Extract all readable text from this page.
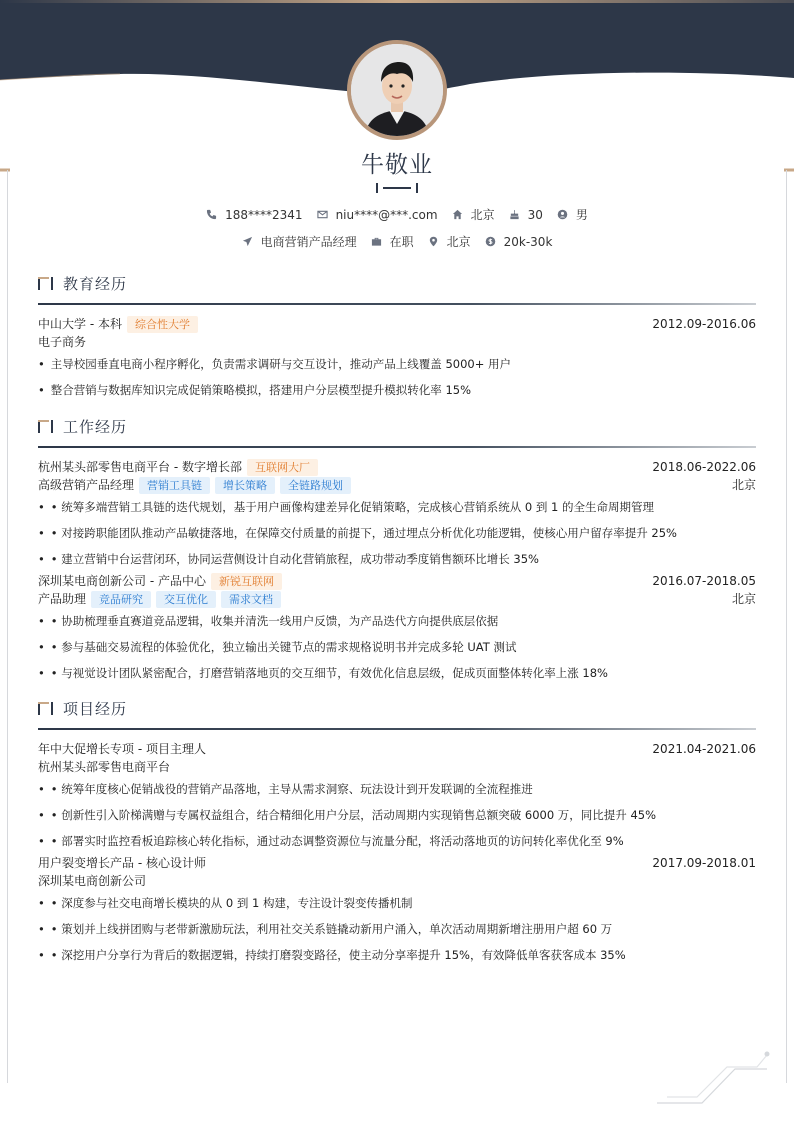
牛敬业
188****2341	niu****@***.com	北京	30	男
电商营销产品经理	在职	北京	20k-30k
教育经历
中山大学 - 本科	综合性大学	2012.09-2016.06
电子商务
• 主导校园垂直电商小程序孵化，负责需求调研与交互设计，推动产品上线覆盖 5000+ 用户
• 整合营销与数据库知识完成促销策略模拟，搭建用户分层模型提升模拟转化率 15%
工作经历
杭州某头部零售电商平台 - 数字增长部	互联网大厂	2018.06-2022.06
高级营销产品经理	营销工具链	增长策略	全链路规划	北京
• • 统筹多端营销工具链的迭代规划，基于用户画像构建差异化促销策略，完成核心营销系统从 0 到 1 的全生命周期管理
• • 对接跨职能团队推动产品敏捷落地，在保障交付质量的前提下，通过埋点分析优化功能逻辑，使核心用户留存率提升 25%
• • 建立营销中台运营闭环，协同运营侧设计自动化营销旅程，成功带动季度销售额环比增长 35%
深圳某电商创新公司 - 产品中心	新锐互联网	2016.07-2018.05
产品助理	竞品研究	交互优化	需求文档	北京
• • 协助梳理垂直赛道竞品逻辑，收集并清洗一线用户反馈，为产品迭代方向提供底层依据
• • 参与基础交易流程的体验优化，独立输出关键节点的需求规格说明书并完成多轮 UAT 测试
• • 与视觉设计团队紧密配合，打磨营销落地页的交互细节，有效优化信息层级，促成页面整体转化率上涨 18%
项目经历
年中大促增长专项 - 项目主理人	2021.04-2021.06
杭州某头部零售电商平台
• • 统筹年度核心促销战役的营销产品落地，主导从需求洞察、玩法设计到开发联调的全流程推进
• • 创新性引入阶梯满赠与专属权益组合，结合精细化用户分层，活动周期内实现销售总额突破 6000 万，同比提升 45%
• • 部署实时监控看板追踪核心转化指标，通过动态调整资源位与流量分配，将活动落地页的访问转化率优化至 9%
用户裂变增长产品 - 核心设计师	2017.09-2018.01
深圳某电商创新公司
• • 深度参与社交电商增长模块的从 0 到 1 构建，专注设计裂变传播机制
• • 策划并上线拼团购与老带新激励玩法，利用社交关系链撬动新用户涌入，单次活动周期新增注册用户超 60 万
• • 深挖用户分享行为背后的数据逻辑，持续打磨裂变路径，使主动分享率提升 15%，有效降低单客获客成本 35%
